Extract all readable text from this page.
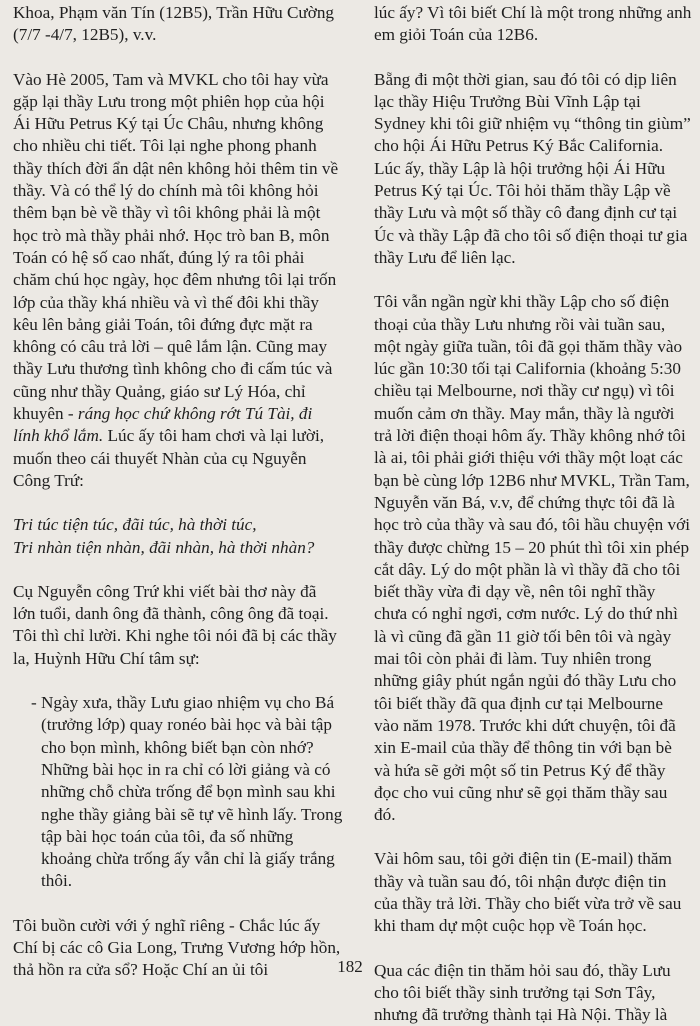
Khoa, Phạm văn Tín (12B5), Trần Hữu Cường (7/7 -4/7, 12B5), v.v.

Vào Hè 2005, Tam và MVKL cho tôi hay vừa gặp lại thầy Lưu trong một phiên họp của hội Ái Hữu Petrus Ký tại Úc Châu, nhưng không cho nhiều chi tiết. Tôi lại nghe phong phanh thầy thích đời ẩn dật nên không hỏi thêm tin về thầy. Và có thể lý do chính mà tôi không hỏi thêm bạn bè về thầy vì tôi không phải là một học trò mà thầy phải nhớ. Học trò ban B, môn Toán có hệ số cao nhất, đúng lý ra tôi phải chăm chú học ngày, học đêm nhưng tôi lại trốn lớp của thầy khá nhiều và vì thế đôi khi thầy kêu lên bảng giải Toán, tôi đứng đực mặt ra không có câu trả lời – quê lắm lận. Cũng may thầy Lưu thương tình không cho đi cấm túc và cũng như thầy Quảng, giáo sư Lý Hóa, chỉ khuyên - ráng học chứ không rớt Tú Tài, đi lính khổ lắm. Lúc ấy tôi ham chơi và lại lười, muốn theo cái thuyết Nhàn của cụ Nguyễn Công Trứ:

Tri túc tiện túc, đãi túc, hà thời túc,
Tri nhàn tiện nhàn, đãi nhàn, hà thời nhàn?

Cụ Nguyễn công Trứ khi viết bài thơ này đã lớn tuổi, danh ông đã thành, công ông đã toại. Tôi thì chỉ lười. Khi nghe tôi nói đã bị các thầy la, Huỳnh Hữu Chí tâm sự:

- Ngày xưa, thầy Lưu giao nhiệm vụ cho Bá (trưởng lớp) quay ronéo bài học và bài tập cho bọn mình, không biết bạn còn nhớ? Những bài học in ra chỉ có lời giảng và có những chỗ chừa trống để bọn mình sau khi nghe thầy giảng bài sẽ tự vẽ hình lấy. Trong tập bài học toán của tôi, đa số những khoảng chừa trống ấy vẫn chỉ là giấy trắng thôi.

Tôi buồn cười với ý nghĩ riêng - Chắc lúc ấy Chí bị các cô Gia Long, Trưng Vương hớp hồn, thả hồn ra cửa sổ? Hoặc Chí an ủi tôi

lúc ấy? Vì tôi biết Chí là một trong những anh em giỏi Toán của 12B6.

Bẵng đi một thời gian, sau đó tôi có dịp liên lạc thầy Hiệu Trưởng Bùi Vĩnh Lập tại Sydney khi tôi giữ nhiệm vụ “thông tin giùm” cho hội Ái Hữu Petrus Ký Bắc California. Lúc ấy, thầy Lập là hội trưởng hội Ái Hữu Petrus Ký tại Úc. Tôi hỏi thăm thầy Lập về thầy Lưu và một số thầy cô đang định cư tại Úc và thầy Lập đã cho tôi số điện thoại tư gia thầy Lưu để liên lạc.

Tôi vẫn ngần ngừ khi thầy Lập cho số điện thoại của thầy Lưu nhưng rồi vài tuần sau, một ngày giữa tuần, tôi đã gọi thăm thầy vào lúc gần 10:30 tối tại California (khoảng 5:30 chiều tại Melbourne, nơi thầy cư ngụ) vì tôi muốn cảm ơn thầy. May mắn, thầy là người trả lời điện thoại hôm ấy. Thầy không nhớ tôi là ai, tôi phải giới thiệu với thầy một loạt các bạn bè cùng lớp 12B6 như MVKL, Trần Tam, Nguyễn văn Bá, v.v, để chứng thực tôi đã là học trò của thầy và sau đó, tôi hầu chuyện với thầy được chừng 15 – 20 phút thì tôi xin phép cắt dây. Lý do một phần là vì thầy đã cho tôi biết thầy vừa đi dạy về, nên tôi nghĩ thầy chưa có nghỉ ngơi, cơm nước. Lý do thứ nhì là vì cũng đã gần 11 giờ tối bên tôi và ngày mai tôi còn phải đi làm. Tuy nhiên trong những giây phút ngắn ngủi đó thầy Lưu cho tôi biết thầy đã qua định cư tại Melbourne vào năm 1978. Trước khi dứt chuyện, tôi đã xin E-mail của thầy để thông tin với bạn bè và hứa sẽ gởi một số tin Petrus Ký để thầy đọc cho vui cũng như sẽ gọi thăm thầy sau đó.

Vài hôm sau, tôi gởi điện tin (E-mail) thăm thầy và tuần sau đó, tôi nhận được điện tin của thầy trả lời. Thầy cho biết vừa trở về sau khi tham dự một cuộc họp về Toán học.

Qua các điện tin thăm hỏi sau đó, thầy Lưu cho tôi biết thầy sinh trưởng tại Sơn Tây, nhưng đã trưởng thành tại Hà Nội. Thầy là

182
